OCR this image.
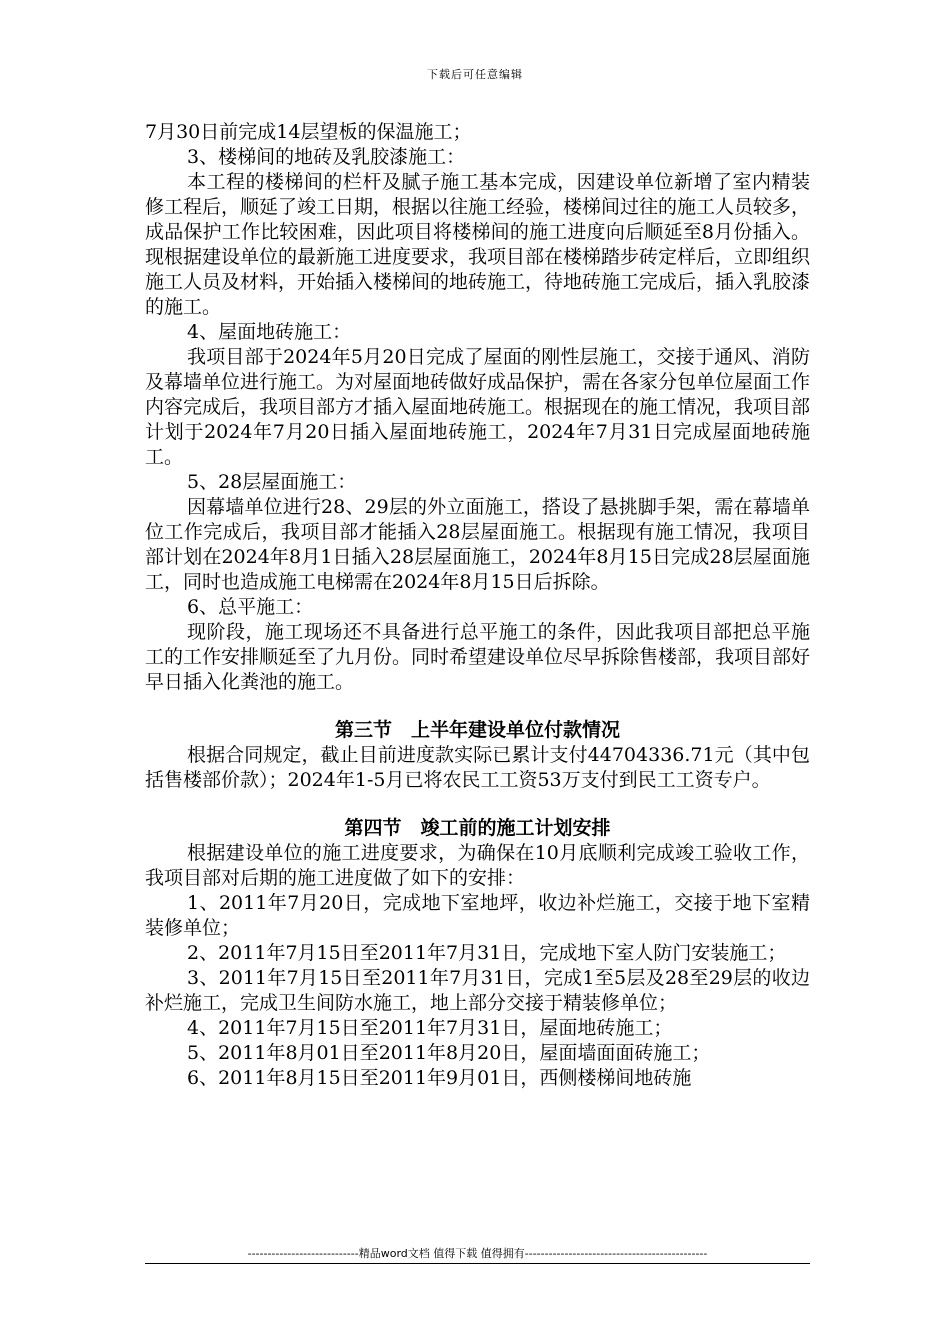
下载后可任意编辑

7月30日前完成14层望板的保温施工；

3、楼梯间的地砖及乳胶漆施工：

本工程的楼梯间的栏杆及腻子施工基本完成，因建设单位新增了室内精装修工程后，顺延了竣工日期，根据以往施工经验，楼梯间过往的施工人员较多，成品保护工作比较困难，因此项目将楼梯间的施工进度向后顺延至8月份插入。现根据建设单位的最新施工进度要求，我项目部在楼梯踏步砖定样后，立即组织施工人员及材料，开始插入楼梯间的地砖施工，待地砖施工完成后，插入乳胶漆的施工。

4、屋面地砖施工：

我项目部于2024年5月20日完成了屋面的刚性层施工，交接于通风、消防及幕墙单位进行施工。为对屋面地砖做好成品保护，需在各家分包单位屋面工作内容完成后，我项目部方才插入屋面地砖施工。根据现在的施工情况，我项目部计划于2024年7月20日插入屋面地砖施工，2024年7月31日完成屋面地砖施工。

5、28层屋面施工：

因幕墙单位进行28、29层的外立面施工，搭设了悬挑脚手架，需在幕墙单位工作完成后，我项目部才能插入28层屋面施工。根据现有施工情况，我项目部计划在2024年8月1日插入28层屋面施工，2024年8月15日完成28层屋面施工，同时也造成施工电梯需在2024年8月15日后拆除。

6、总平施工：

现阶段，施工现场还不具备进行总平施工的条件，因此我项目部把总平施工的工作安排顺延至了九月份。同时希望建设单位尽早拆除售楼部，我项目部好早日插入化粪池的施工。

第三节　上半年建设单位付款情况

根据合同规定，截止目前进度款实际已累计支付44704336.71元（其中包括售楼部价款）；2024年1-5月已将农民工工资53万支付到民工工资专户。

第四节　竣工前的施工计划安排

根据建设单位的施工进度要求，为确保在10月底顺利完成竣工验收工作，我项目部对后期的施工进度做了如下的安排：

1、2011年7月20日，完成地下室地坪，收边补烂施工，交接于地下室精装修单位；

2、2011年7月15日至2011年7月31日，完成地下室人防门安装施工；

3、2011年7月15日至2011年7月31日，完成1至5层及28至29层的收边补烂施工，完成卫生间防水施工，地上部分交接于精装修单位；

4、2011年7月15日至2011年7月31日，屋面地砖施工；

5、2011年8月01日至2011年8月20日，屋面墙面面砖施工；

6、2011年8月15日至2011年9月01日，西侧楼梯间地砖施

----------------------------精品word文档 值得下载 值得拥有----------------------------------------------
